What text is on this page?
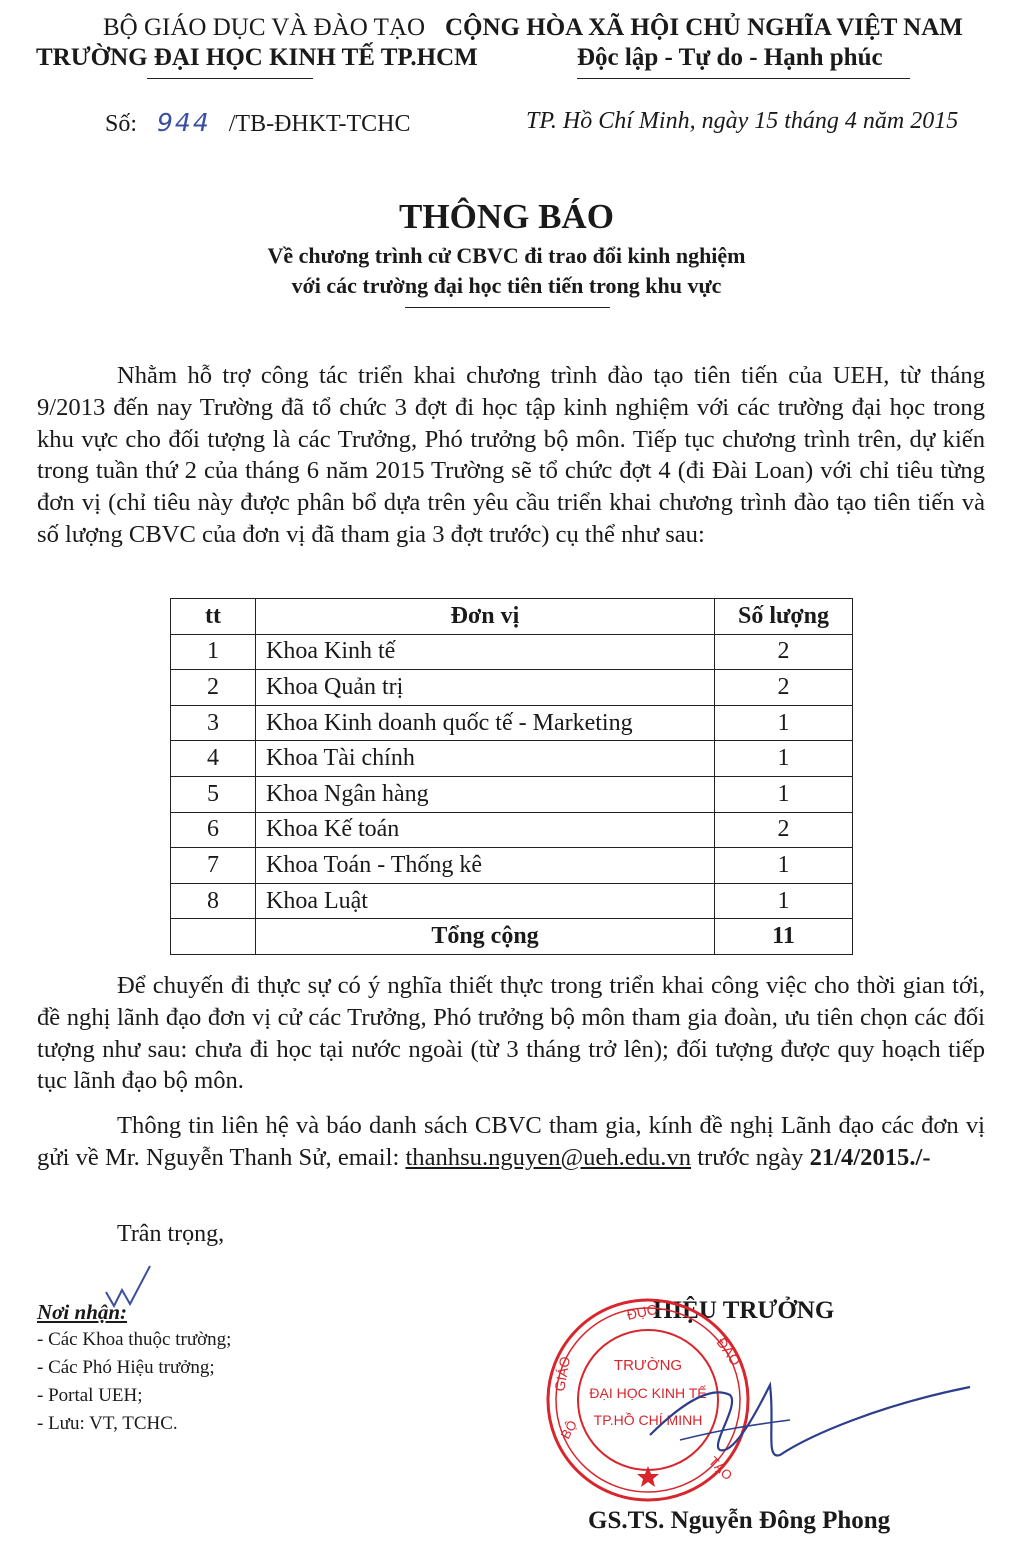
BỘ GIÁO DỤC VÀ ĐÀO TẠO
TRƯỜNG ĐẠI HỌC KINH TẾ TP.HCM
CỘNG HÒA XÃ HỘI CHỦ NGHĨA VIỆT NAM
Độc lập - Tự do - Hạnh phúc
Số: 944 /TB-ĐHKT-TCHC	TP. Hồ Chí Minh, ngày 15 tháng 4 năm 2015
THÔNG BÁO
Về chương trình cử CBVC đi trao đổi kinh nghiệm
với các trường đại học tiên tiến trong khu vực
Nhằm hỗ trợ công tác triển khai chương trình đào tạo tiên tiến của UEH, từ tháng 9/2013 đến nay Trường đã tổ chức 3 đợt đi học tập kinh nghiệm với các trường đại học trong khu vực cho đối tượng là các Trưởng, Phó trưởng bộ môn. Tiếp tục chương trình trên, dự kiến trong tuần thứ 2 của tháng 6 năm 2015 Trường sẽ tổ chức đợt 4 (đi Đài Loan) với chỉ tiêu từng đơn vị (chỉ tiêu này được phân bổ dựa trên yêu cầu triển khai chương trình đào tạo tiên tiến và số lượng CBVC của đơn vị đã tham gia 3 đợt trước) cụ thể như sau:
tt	Đơn vị	Số lượng
1	Khoa Kinh tế	2
2	Khoa Quản trị	2
3	Khoa Kinh doanh quốc tế - Marketing	1
4	Khoa Tài chính	1
5	Khoa Ngân hàng	1
6	Khoa Kế toán	2
7	Khoa Toán - Thống kê	1
8	Khoa Luật	1
	Tổng cộng	11
Để chuyến đi thực sự có ý nghĩa thiết thực trong triển khai công việc cho thời gian tới, đề nghị lãnh đạo đơn vị cử các Trưởng, Phó trưởng bộ môn tham gia đoàn, ưu tiên chọn các đối tượng như sau: chưa đi học tại nước ngoài (từ 3 tháng trở lên); đối tượng được quy hoạch tiếp tục lãnh đạo bộ môn.
Thông tin liên hệ và báo danh sách CBVC tham gia, kính đề nghị Lãnh đạo các đơn vị gửi về Mr. Nguyễn Thanh Sử, email: thanhsu.nguyen@ueh.edu.vn trước ngày 21/4/2015./-
Trân trọng,
Nơi nhận:
- Các Khoa thuộc trường;
- Các Phó Hiệu trưởng;
- Portal UEH;
- Lưu: VT, TCHC.
HIỆU TRƯỞNG
ĐỤC
GIÁO
ĐÀO
BỘ
TẠO
TRƯỜNG
ĐẠI HỌC KINH TẾ
TP.HỒ CHÍ MINH
GS.TS. Nguyễn Đông Phong
